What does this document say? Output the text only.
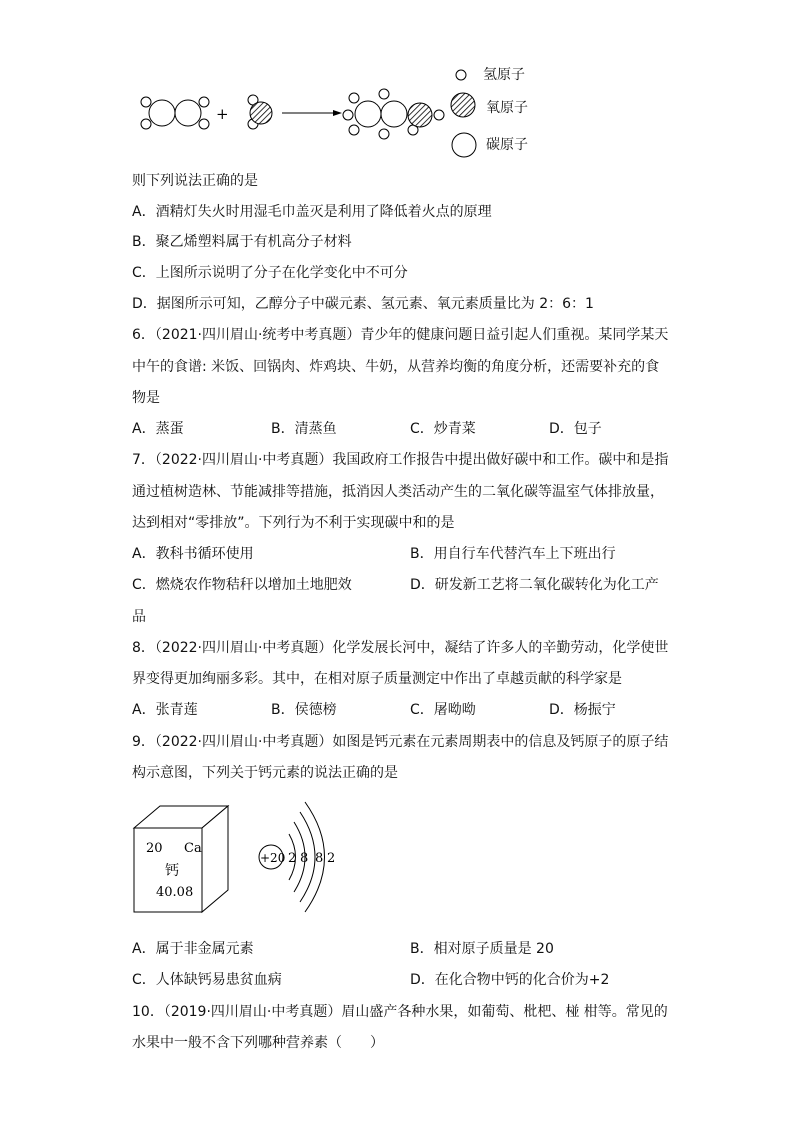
+
氢原子
氧原子
碳原子
则下列说法正确的是
A．酒精灯失火时用湿毛巾盖灭是利用了降低着火点的原理
B．聚乙烯塑料属于有机高分子材料
C．上图所示说明了分子在化学变化中不可分
D．据图所示可知，乙醇分子中碳元素、氢元素、氧元素质量比为 2：6：1
6．（2021·四川眉山·统考中考真题）青少年的健康问题日益引起人们重视。某同学某天
中午的食谱: 米饭、回锅肉、炸鸡块、牛奶，从营养均衡的角度分析，还需要补充的食
物是
A．蒸蛋	B．清蒸鱼	C．炒青菜	D．包子
7．（2022·四川眉山·中考真题）我国政府工作报告中提出做好碳中和工作。碳中和是指
通过植树造林、节能减排等措施，抵消因人类活动产生的二氧化碳等温室气体排放量，
达到相对“零排放”。下列行为不利于实现碳中和的是
A．教科书循环使用	B．用自行车代替汽车上下班出行
C．燃烧农作物秸秆以增加土地肥效	D．研发新工艺将二氧化碳转化为化工产
品
8．（2022·四川眉山·中考真题）化学发展长河中，凝结了许多人的辛勤劳动，化学使世
界变得更加绚丽多彩。其中，在相对原子质量测定中作出了卓越贡献的科学家是
A．张青莲	B．侯德榜	C．屠呦呦	D．杨振宁
9．（2022·四川眉山·中考真题）如图是钙元素在元素周期表中的信息及钙原子的原子结
构示意图，下列关于钙元素的说法正确的是
20 Ca
钙
40.08
+20 2 8 8 2
A．属于非金属元素	B．相对原子质量是 20
C．人体缺钙易患贫血病	D．在化合物中钙的化合价为+2
10．（2019·四川眉山·中考真题）眉山盛产各种水果，如葡萄、枇杷、椪 柑等。常见的
水果中一般不含下列哪种营养素（　　）
